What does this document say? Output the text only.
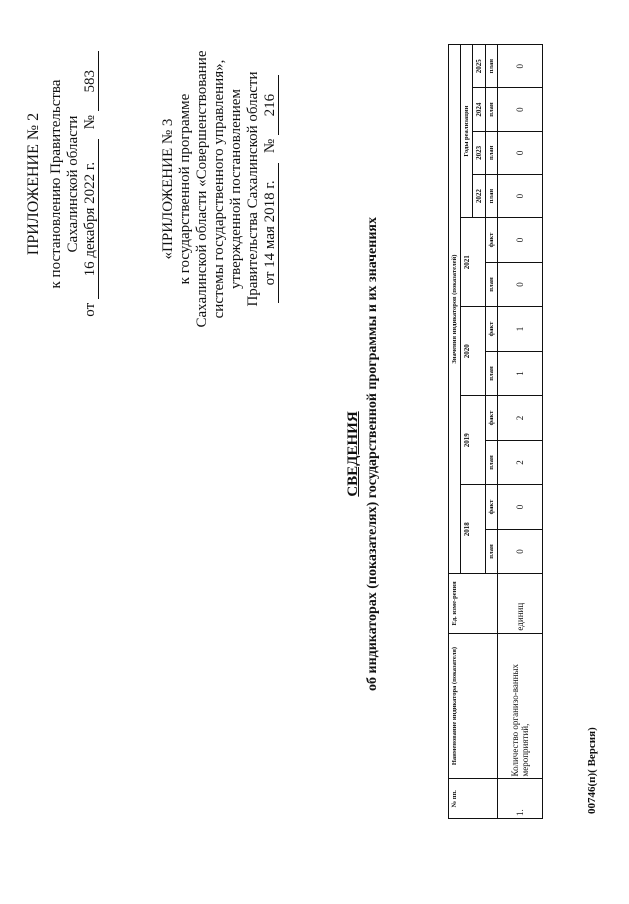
ПРИЛОЖЕНИЕ № 2 к постановлению Правительства Сахалинской области
от 16 декабря 2022 г. № 583
«ПРИЛОЖЕНИЕ № 3 к государственной программе Сахалинской области «Совершенствование системы государственного управления», утвержденной постановлением Правительства Сахалинской области от 14 мая 2018 г. № 216
СВЕДЕНИЯ об индикаторах (показателях) государственной программы и их значениях
№ пп.	Наименование индикатора (показателя)	Ед. изме-рения	Значения индикаторов (показателей)											
			2018		2019		2020		2021		Годы реализации			
											2022	2023	2024	2025
			план	факт	план	факт	план	факт	план	факт	план	план	план	план
1.	Количество организо-ванных мероприятий,	единиц	0	0	2	2	1	1	0	0	0	0	0	0
00746(п)( Версия)
